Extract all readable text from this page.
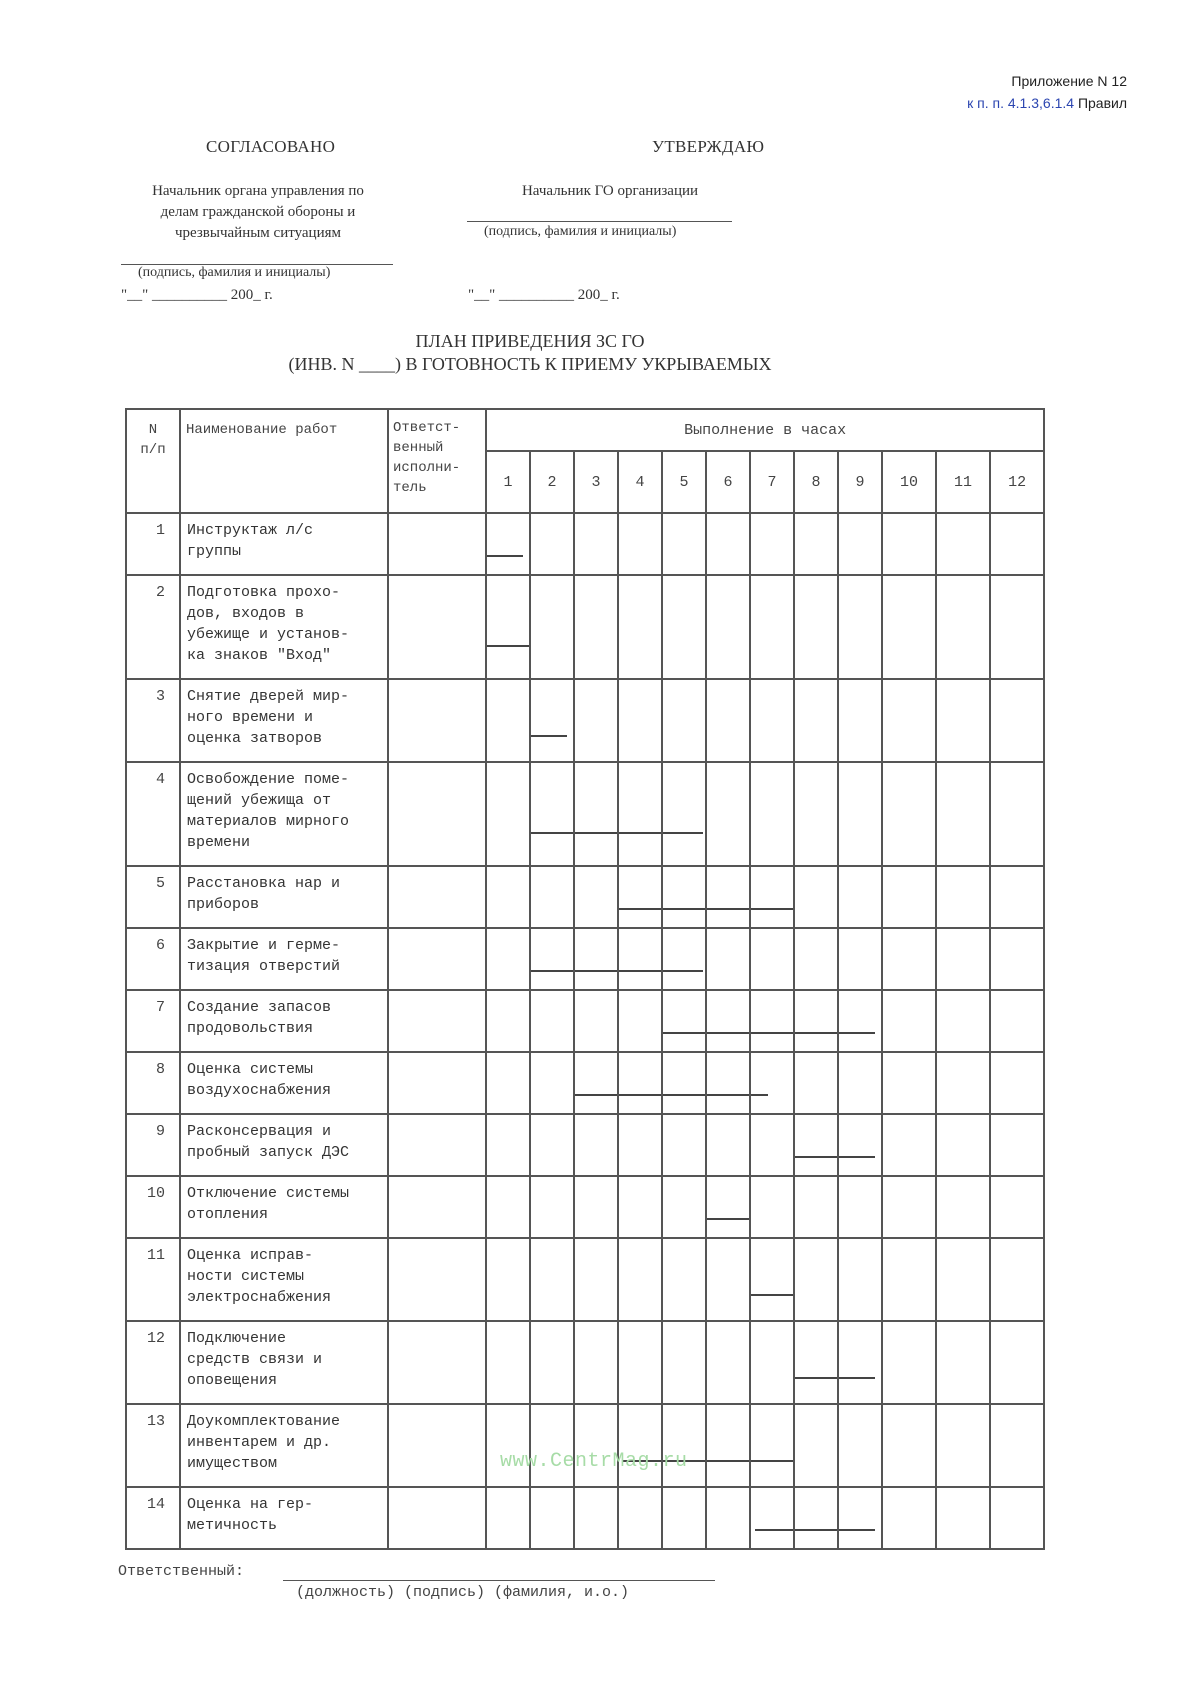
Приложение N 12
к п. п. 4.1.3,6.1.4 Правил
СОГЛАСОВАНО
Начальник органа управления по
делам гражданской обороны и
чрезвычайным ситуациям
(подпись, фамилия и инициалы)
"__" __________ 200_ г.
УТВЕРЖДАЮ
Начальник ГО организации
(подпись, фамилия и инициалы)
"__" __________ 200_ г.
ПЛАН ПРИВЕДЕНИЯ ЗС ГО
(ИНВ. N ____) В ГОТОВНОСТЬ К ПРИЕМУ УКРЫВАЕМЫХ
N
п/п	Наименование работ	Ответст-
венный
исполни-
тель	Выполнение в часах											
			1	2	3	4	5	6	7	8	9	10	11	12
1	Инструктаж л/с
группы		

2	Подготовка прохо-
дов, входов в
убежище и установ-
ка знаков "Вход"		

3	Снятие дверей мир-
ного времени и
оценка затворов			

4	Освобождение поме-
щений убежища от
материалов мирного
времени			

5	Расстановка нар и
приборов					

6	Закрытие и герме-
тизация отверстий			

7	Создание запасов
продовольствия						

8	Оценка системы
воздухоснабжения				

9	Расконсервация и
пробный запуск ДЭС									

10	Отключение системы
отопления							

11	Оценка исправ-
ности системы
электроснабжения								

12	Подключение
средств связи и
оповещения									

13	Доукомплектование
инвентарем и др.
имуществом					

14	Оценка на гер-
метичность								

www.CentrMag.ru
Ответственный:
(должность) (подпись) (фамилия, и.о.)
